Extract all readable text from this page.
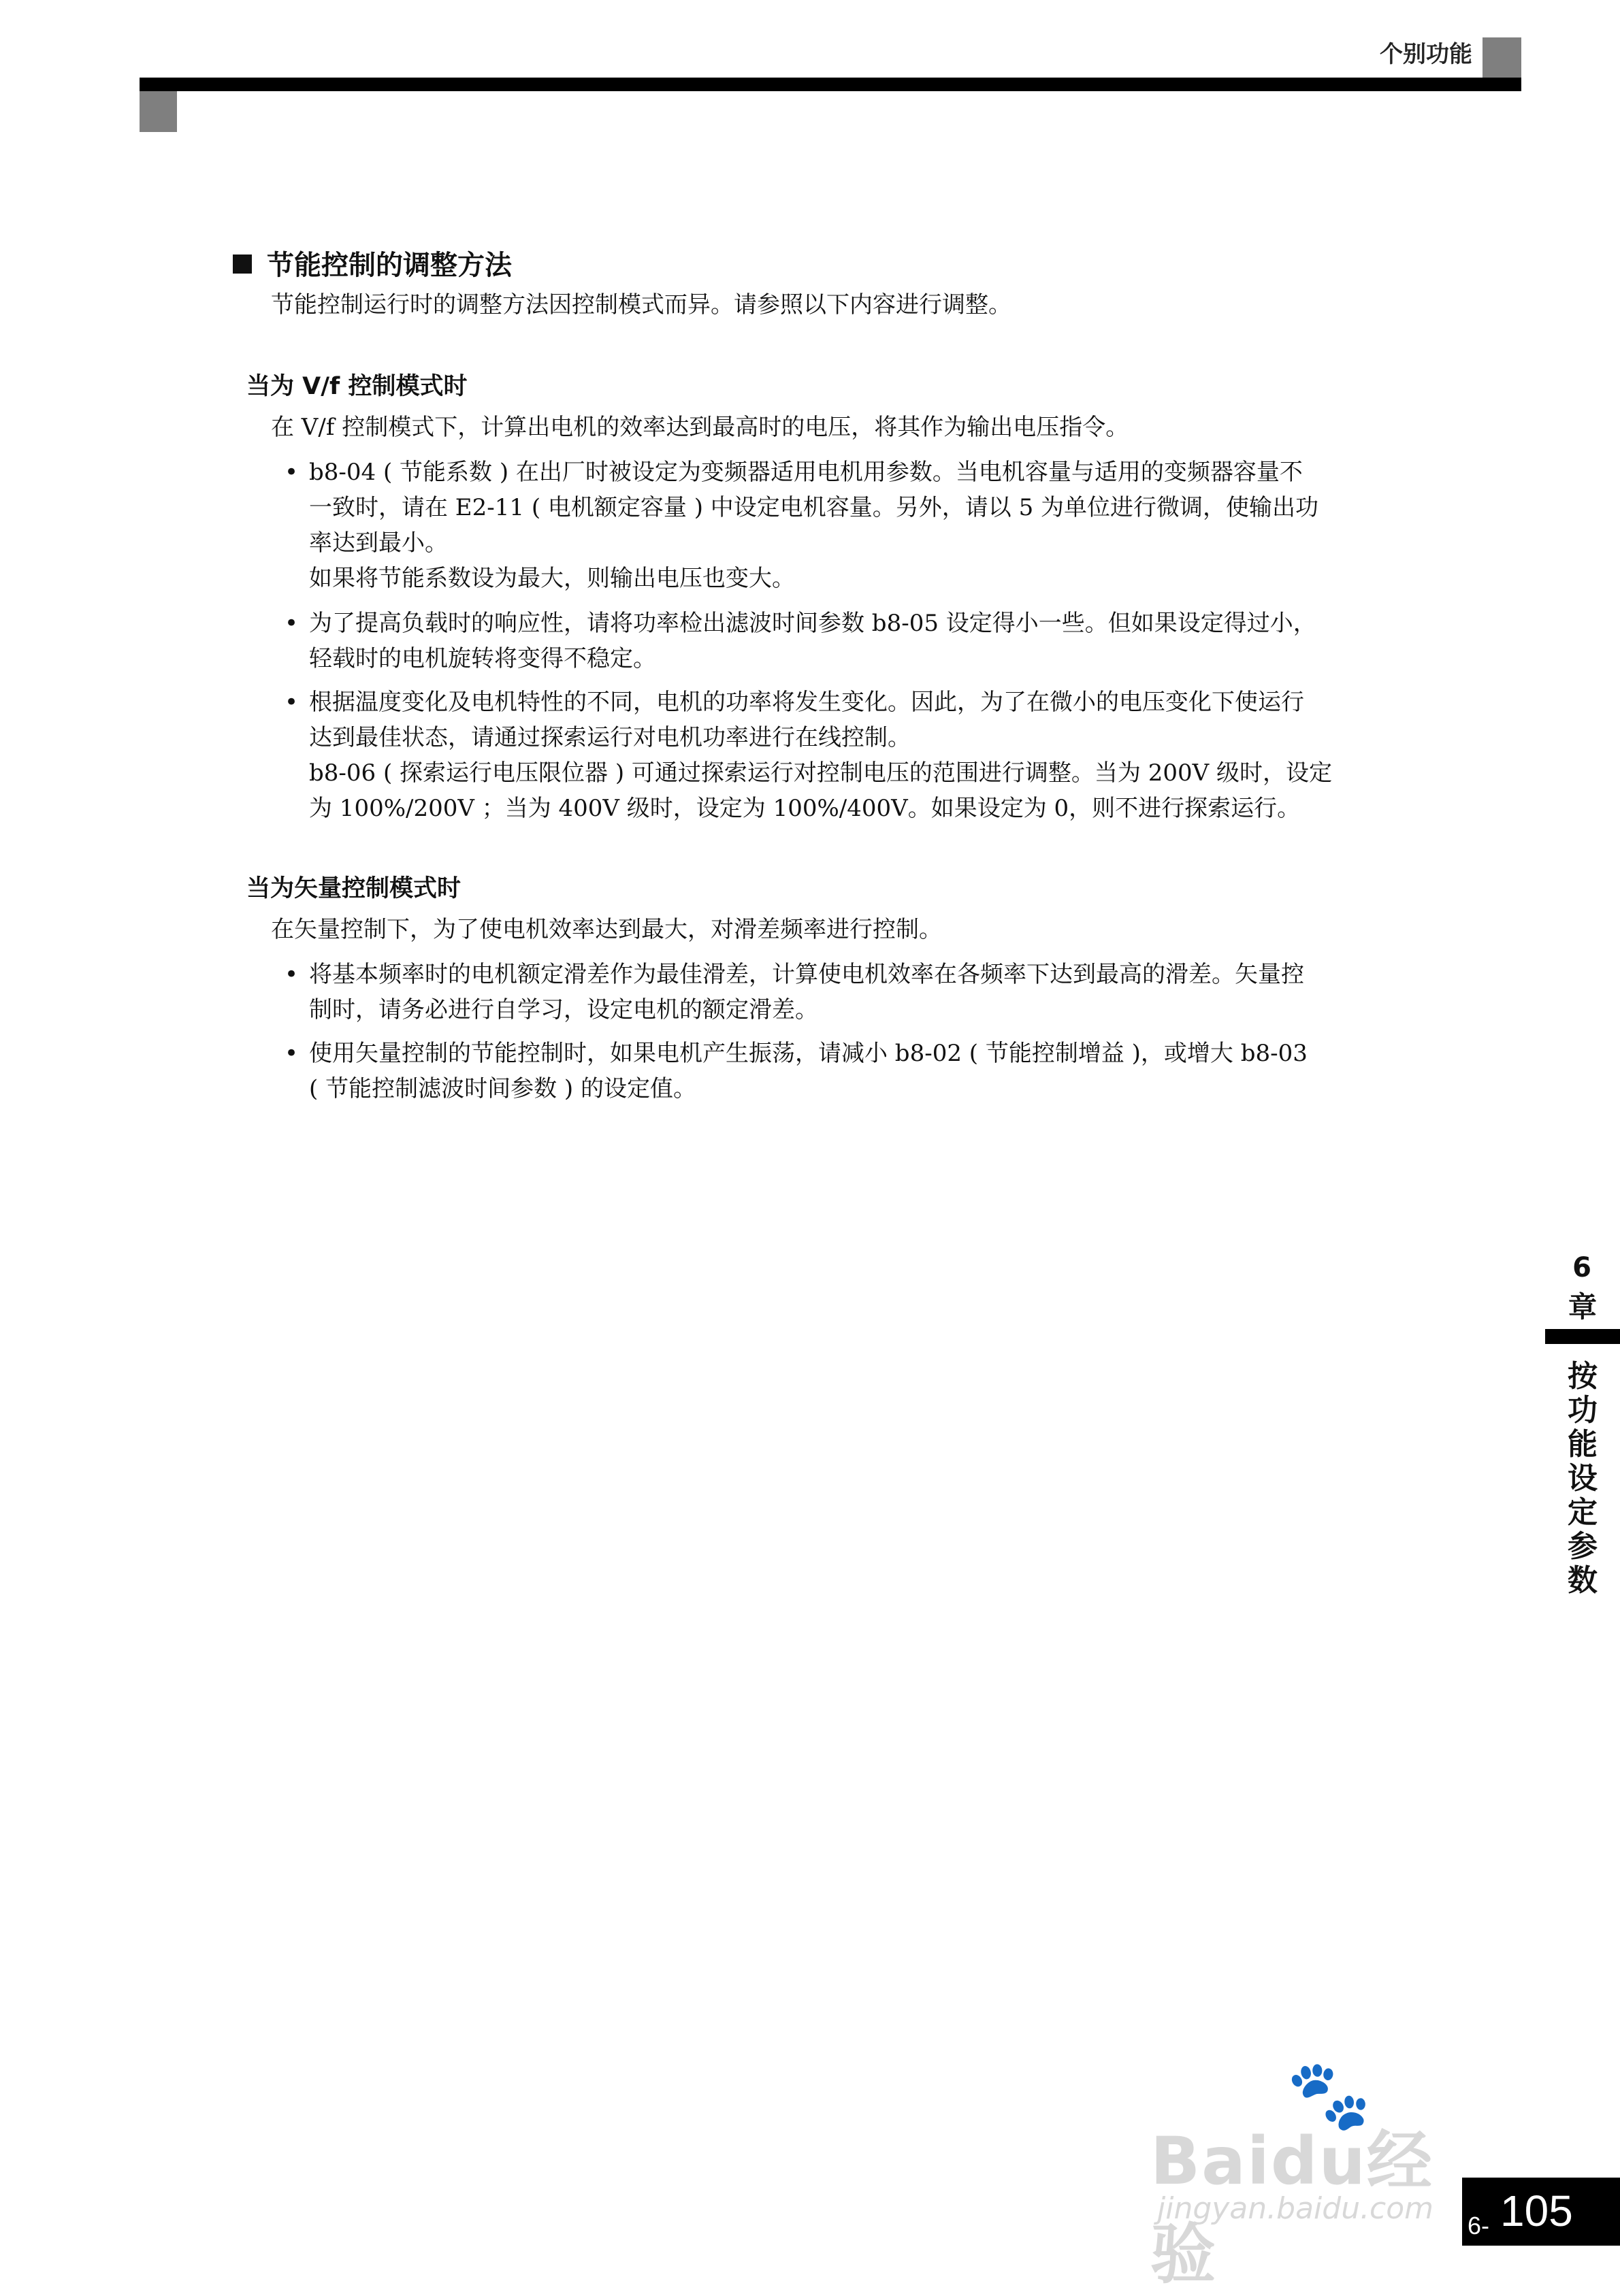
个别功能
节能控制的调整方法
节能控制运行时的调整方法因控制模式而异。请参照以下内容进行调整。
当为 V/f 控制模式时
在 V/f 控制模式下，计算出电机的效率达到最高时的电压，将其作为输出电压指令。
• b8-04 ( 节能系数 ) 在出厂时被设定为变频器适用电机用参数。当电机容量与适用的变频器容量不
一致时，请在 E2-11 ( 电机额定容量 ) 中设定电机容量。另外，请以 5 为单位进行微调，使输出功
率达到最小。
如果将节能系数设为最大，则输出电压也变大。
• 为了提高负载时的响应性，请将功率检出滤波时间参数 b8-05 设定得小一些。但如果设定得过小，
轻载时的电机旋转将变得不稳定。
• 根据温度变化及电机特性的不同，电机的功率将发生变化。因此，为了在微小的电压变化下使运行
达到最佳状态，请通过探索运行对电机功率进行在线控制。
b8-06 ( 探索运行电压限位器 ) 可通过探索运行对控制电压的范围进行调整。当为 200V 级时，设定
为 100%/200V ；当为 400V 级时，设定为 100%/400V。如果设定为 0，则不进行探索运行。
当为矢量控制模式时
在矢量控制下，为了使电机效率达到最大，对滑差频率进行控制。
• 将基本频率时的电机额定滑差作为最佳滑差，计算使电机效率在各频率下达到最高的滑差。矢量控
制时，请务必进行自学习，设定电机的额定滑差。
• 使用矢量控制的节能控制时，如果电机产生振荡，请减小 b8-02 ( 节能控制增益 )，或增大 b8-03
( 节能控制滤波时间参数 ) 的设定值。
6
章
按功能设定参数
🐾
Baidu经验
jingyan.baidu.com 6- 105
